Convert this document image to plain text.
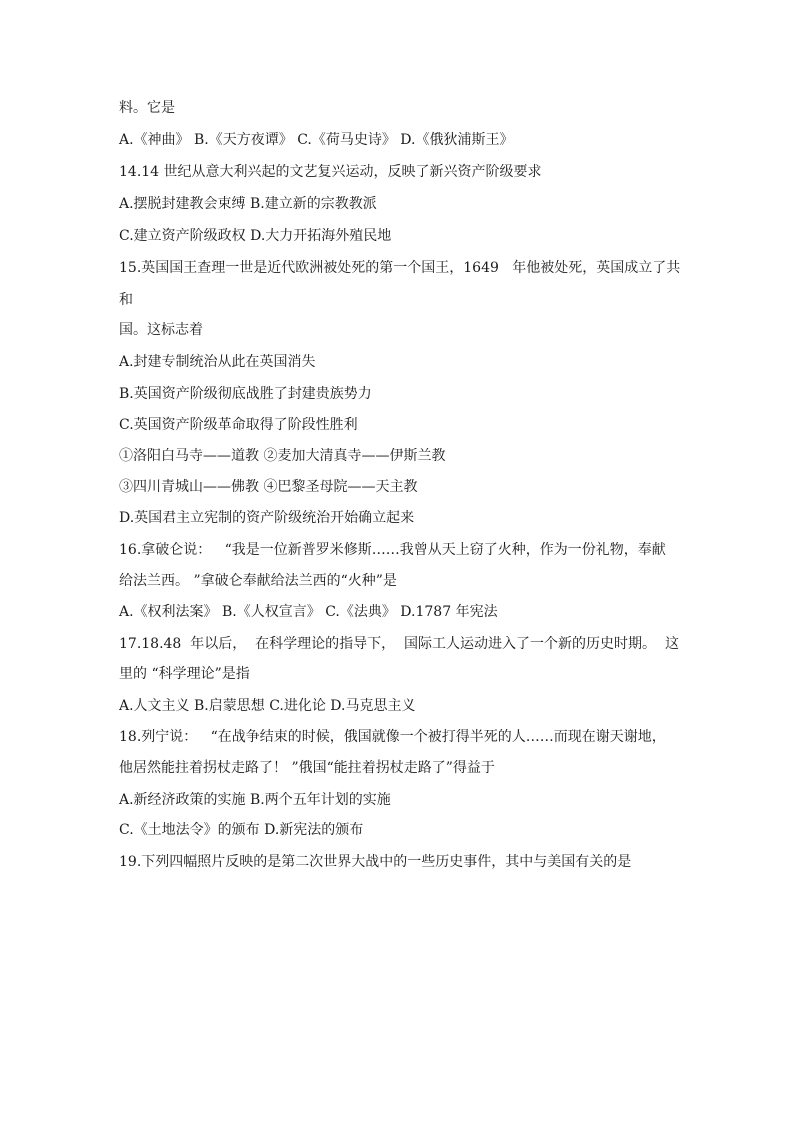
料。它是
A.《神曲》 B.《天方夜谭》 C.《荷马史诗》 D.《俄狄浦斯王》
14.14 世纪从意大利兴起的文艺复兴运动，反映了新兴资产阶级要求
A.摆脱封建教会束缚 B.建立新的宗教教派
C.建立资产阶级政权 D.大力开拓海外殖民地
15.英国国王查理一世是近代欧洲被处死的第一个国王，1649   年他被处死，英国成立了共
和
国。这标志着
A.封建专制统治从此在英国消失
B.英国资产阶级彻底战胜了封建贵族势力
C.英国资产阶级革命取得了阶段性胜利
①洛阳白马寺——道教 ②麦加大清真寺——伊斯兰教
③四川青城山——佛教 ④巴黎圣母院——天主教
D.英国君主立宪制的资产阶级统治开始确立起来
16.拿破仑说：   “我是一位新普罗米修斯……我曾从天上窃了火种，作为一份礼物，奉献
给法兰西。 ”拿破仑奉献给法兰西的“火种”是
A.《权利法案》 B.《人权宣言》 C.《法典》 D.1787 年宪法
17.18.48  年以后，  在科学理论的指导下，  国际工人运动进入了一个新的历史时期。  这
里的 “科学理论”是指
A.人文主义 B.启蒙思想 C.进化论 D.马克思主义
18.列宁说：   “在战争结束的时候，俄国就像一个被打得半死的人……而现在谢天谢地，
他居然能拄着拐杖走路了！ ”俄国“能拄着拐杖走路了”得益于
A.新经济政策的实施 B.两个五年计划的实施
C.《土地法令》的颁布 D.新宪法的颁布
19.下列四幅照片反映的是第二次世界大战中的一些历史事件，其中与美国有关的是
